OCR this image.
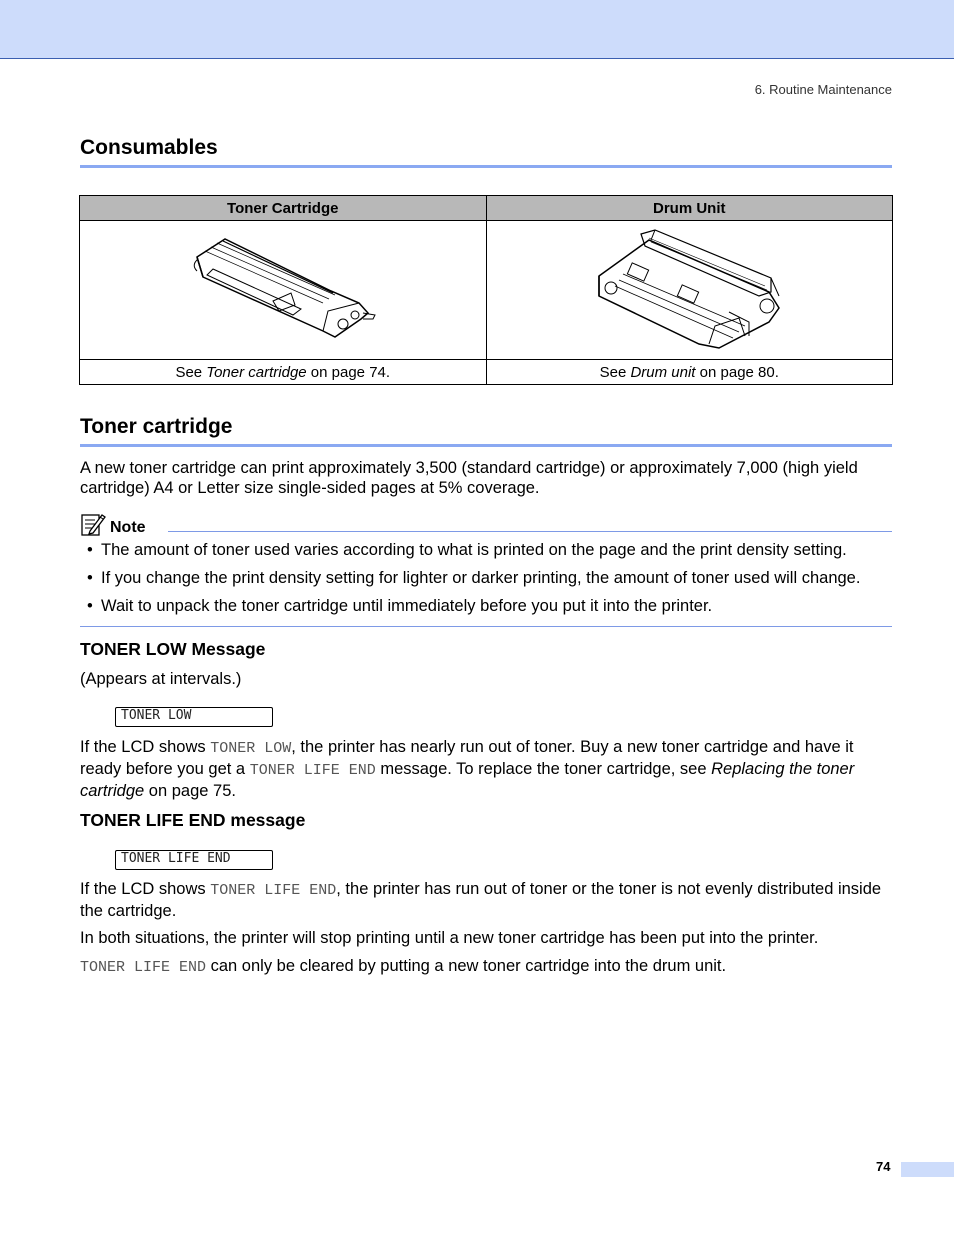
6. Routine Maintenance
Consumables
Toner Cartridge	Drum Unit

See Toner cartridge on page 74.	See Drum unit on page 80.
Toner cartridge

A new toner cartridge can print approximately 3,500 (standard cartridge) or approximately 7,000 (high yield cartridge) A4 or Letter size single-sided pages at 5% coverage.

Note
• The amount of toner used varies according to what is printed on the page and the print density setting.
• If you change the print density setting for lighter or darker printing, the amount of toner used will change.
• Wait to unpack the toner cartridge until immediately before you put it into the printer.
TONER LOW Message

(Appears at intervals.)

TONER LOW

If the LCD shows TONER LOW, the printer has nearly run out of toner. Buy a new toner cartridge and have it ready before you get a TONER LIFE END message. To replace the toner cartridge, see Replacing the toner cartridge on page 75.

TONER LIFE END message
TONER LIFE END

If the LCD shows TONER LIFE END, the printer has run out of toner or the toner is not evenly distributed inside the cartridge.

In both situations, the printer will stop printing until a new toner cartridge has been put into the printer.

TONER LIFE END can only be cleared by putting a new toner cartridge into the drum unit.

74
